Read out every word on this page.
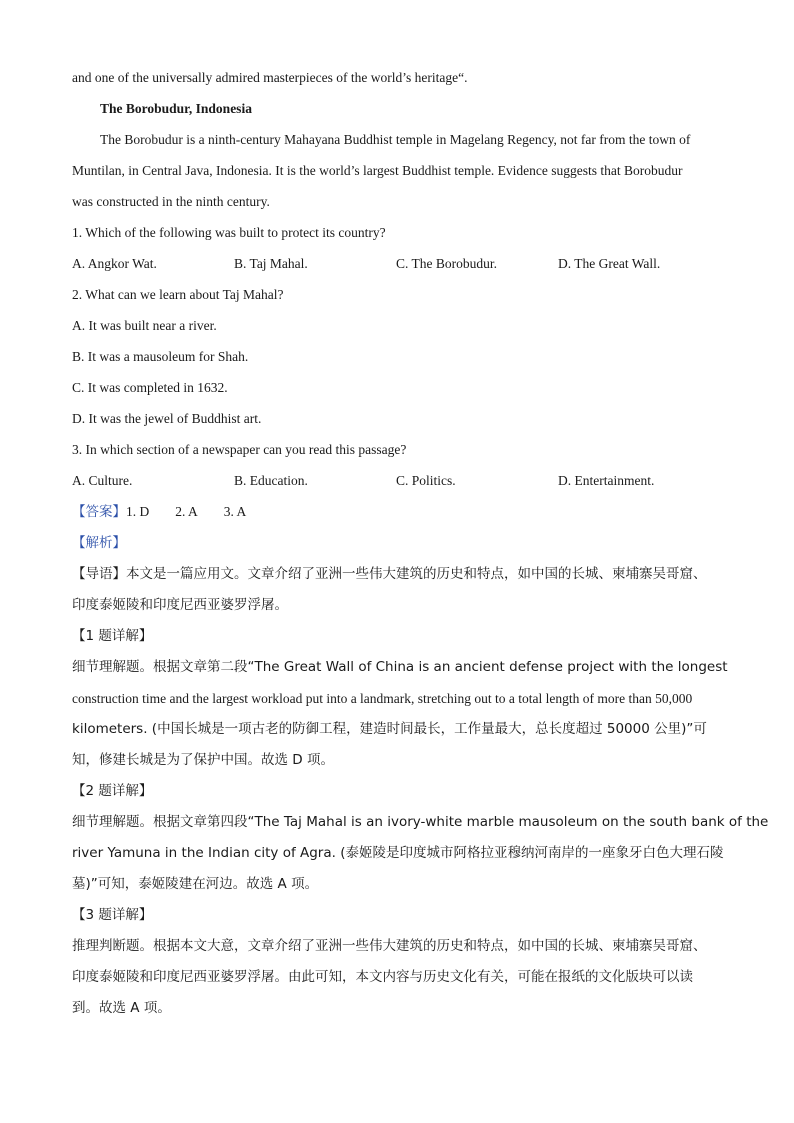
and one of the universally admired masterpieces of the world’s heritage“.
The Borobudur, Indonesia
The Borobudur is a ninth-century Mahayana Buddhist temple in Magelang Regency, not far from the town of
Muntilan, in Central Java, Indonesia. It is the world’s largest Buddhist temple. Evidence suggests that Borobudur
was constructed in the ninth century.
1. Which of the following was built to protect its country?
A. Angkor Wat.	B. Taj Mahal.	C. The Borobudur.	D. The Great Wall.
2. What can we learn about Taj Mahal?
A. It was built near a river.
B. It was a mausoleum for Shah.
C. It was completed in 1632.
D. It was the jewel of Buddhist art.
3. In which section of a newspaper can you read this passage?
A. Culture.	B. Education.	C. Politics.	D. Entertainment.
【答案】1. D 2. A 3. A
【解析】
【导语】本文是一篇应用文。文章介绍了亚洲一些伟大建筑的历史和特点，如中国的长城、柬埔寨吴哥窟、
印度泰姬陵和印度尼西亚婆罗浮屠。
【1 题详解】
细节理解题。根据文章第二段“The Great Wall of China is an ancient defense project with the longest
construction time and the largest workload put into a landmark, stretching out to a total length of more than 50,000
kilometers. (中国长城是一项古老的防御工程，建造时间最长，工作量最大，总长度超过 50000 公里)”可
知，修建长城是为了保护中国。故选 D 项。
【2 题详解】
细节理解题。根据文章第四段“The Taj Mahal is an ivory-white marble mausoleum on the south bank of the
river Yamuna in the Indian city of Agra. (泰姬陵是印度城市阿格拉亚穆纳河南岸的一座象牙白色大理石陵
墓)”可知，泰姬陵建在河边。故选 A 项。
【3 题详解】
推理判断题。根据本文大意，文章介绍了亚洲一些伟大建筑的历史和特点，如中国的长城、柬埔寨吴哥窟、
印度泰姬陵和印度尼西亚婆罗浮屠。由此可知，本文内容与历史文化有关，可能在报纸的文化版块可以读
到。故选 A 项。
